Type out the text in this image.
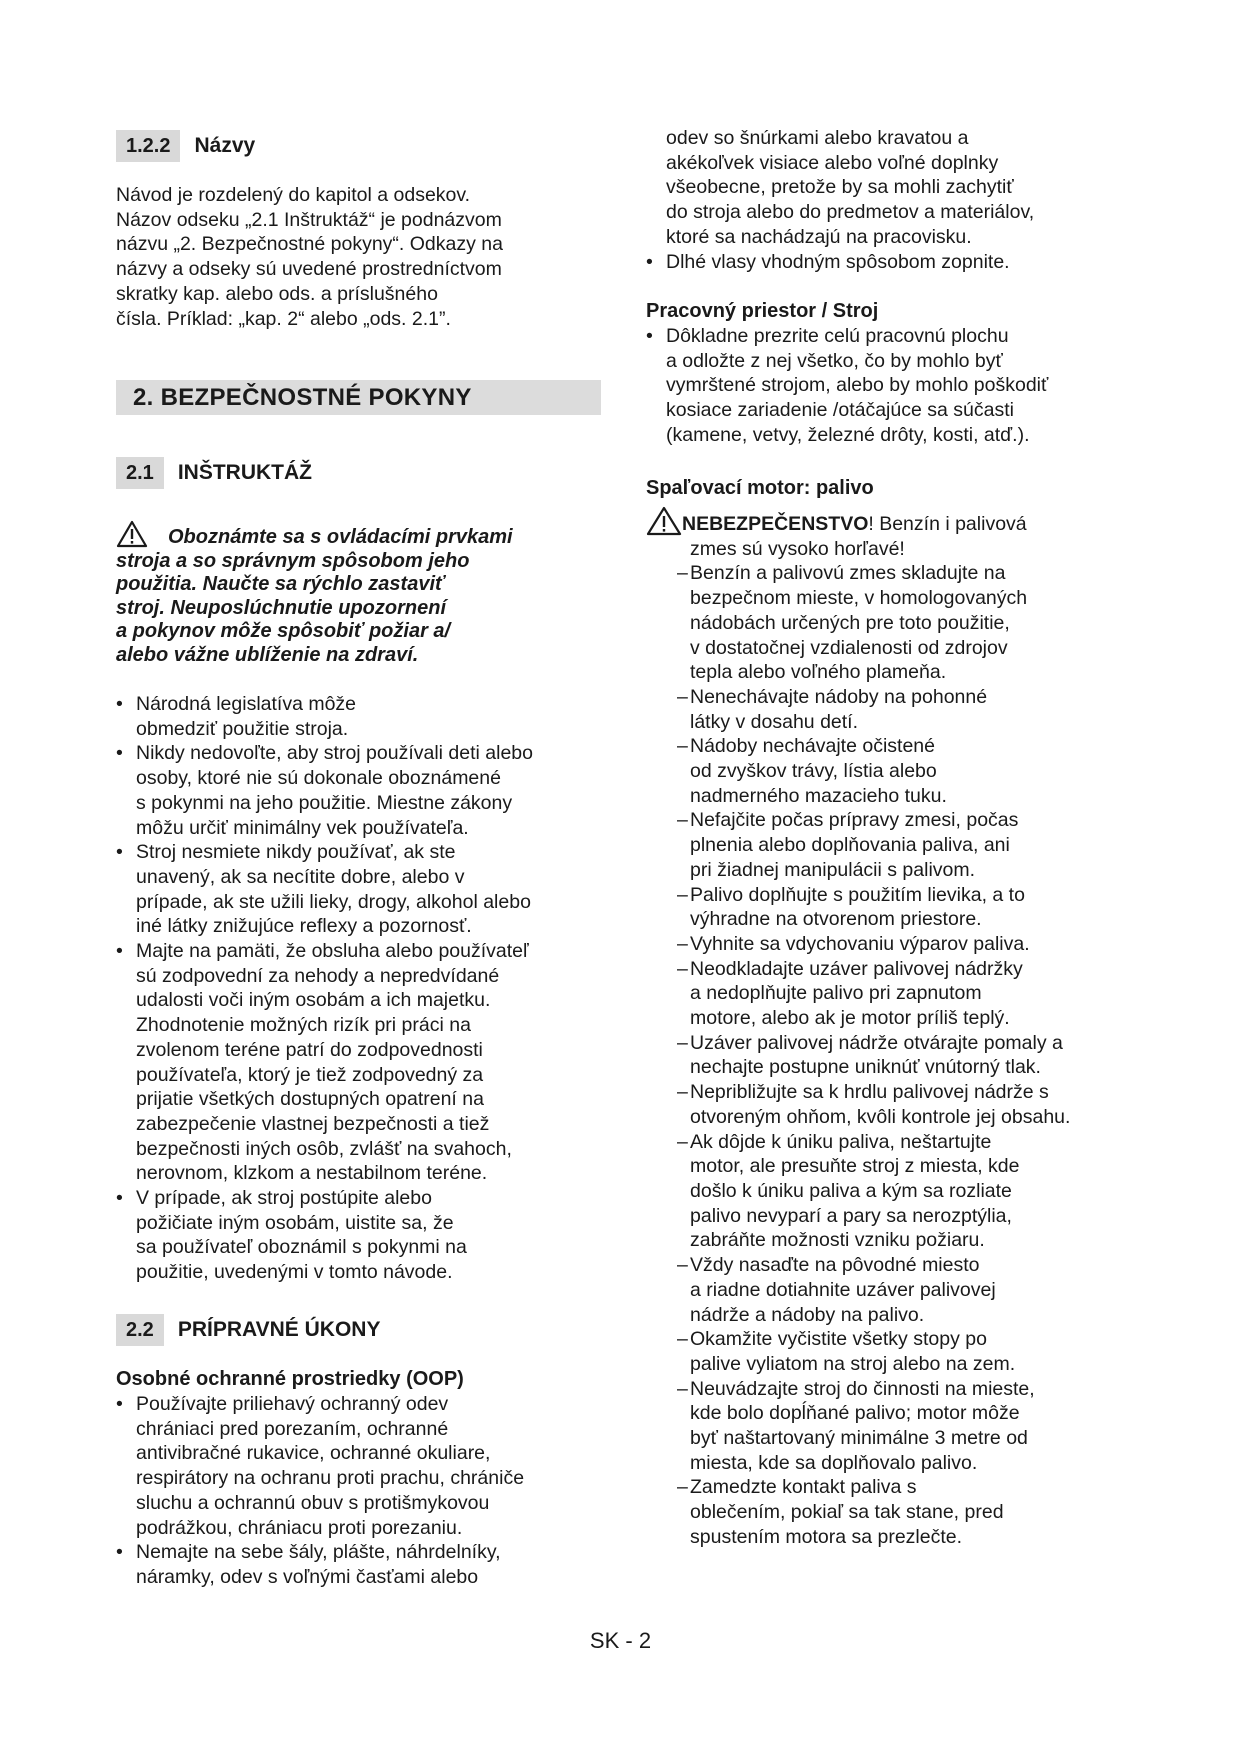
1.2.2	Názvy
Návod je rozdelený do kapitol a odsekov.
Názov odseku „2.1 Inštruktáž“ je podnázvom
názvu „2. Bezpečnostné pokyny“. Odkazy na
názvy a odseky sú uvedené prostredníctvom
skratky kap. alebo ods. a príslušného
čísla. Príklad: „kap. 2“ alebo „ods. 2.1”.
2. BEZPEČNOSTNÉ POKYNY
2.1	INŠTRUKTÁŽ
Oboznámte sa s ovládacími prvkami
stroja a so správnym spôsobom jeho
použitia. Naučte sa rýchlo zastaviť
stroj. Neuposlúchnutie upozornení
a pokynov môže spôsobiť požiar a/
alebo vážne ublíženie na zdraví.
• Národná legislatíva môže
obmedziť použitie stroja.
• Nikdy nedovoľte, aby stroj používali deti alebo
osoby, ktoré nie sú dokonale oboznámené
s pokynmi na jeho použitie. Miestne zákony
môžu určiť minimálny vek používateľa.
• Stroj nesmiete nikdy používať, ak ste
unavený, ak sa necítite dobre, alebo v
prípade, ak ste užili lieky, drogy, alkohol alebo
iné látky znižujúce reflexy a pozornosť.
• Majte na pamäti, že obsluha alebo používateľ
sú zodpovední za nehody a nepredvídané
udalosti voči iným osobám a ich majetku.
Zhodnotenie možných rizík pri práci na
zvolenom teréne patrí do zodpovednosti
používateľa, ktorý je tiež zodpovedný za
prijatie všetkých dostupných opatrení na
zabezpečenie vlastnej bezpečnosti a tiež
bezpečnosti iných osôb, zvlášť na svahoch,
nerovnom, klzkom a nestabilnom teréne.
• V prípade, ak stroj postúpite alebo
požičiate iným osobám, uistite sa, že
sa používateľ oboznámil s pokynmi na
použitie, uvedenými v tomto návode.
2.2	PRÍPRAVNÉ ÚKONY
Osobné ochranné prostriedky (OOP)
• Používajte priliehavý ochranný odev
chrániaci pred porezaním, ochranné
antivibračné rukavice, ochranné okuliare,
respirátory na ochranu proti prachu, chrániče
sluchu a ochrannú obuv s protišmykovou
podrážkou, chrániacu proti porezaniu.
• Nemajte na sebe šály, plášte, náhrdelníky,
náramky, odev s voľnými časťami alebo
odev so šnúrkami alebo kravatou a
akékoľvek visiace alebo voľné doplnky
všeobecne, pretože by sa mohli zachytiť
do stroja alebo do predmetov a materiálov,
ktoré sa nachádzajú na pracovisku.
• Dlhé vlasy vhodným spôsobom zopnite.
Pracovný priestor / Stroj
• Dôkladne prezrite celú pracovnú plochu
a odložte z nej všetko, čo by mohlo byť
vymrštené strojom, alebo by mohlo poškodiť
kosiace zariadenie /otáčajúce sa súčasti
(kamene, vetvy, železné drôty, kosti, atď.).
Spaľovací motor: palivo
NEBEZPEČENSTVO! Benzín i palivová
zmes sú vysoko horľavé!
– Benzín a palivovú zmes skladujte na
bezpečnom mieste, v homologovaných
nádobách určených pre toto použitie,
v dostatočnej vzdialenosti od zdrojov
tepla alebo voľného plameňa.
– Nenechávajte nádoby na pohonné
látky v dosahu detí.
– Nádoby nechávajte očistené
od zvyškov trávy, lístia alebo
nadmerného mazacieho tuku.
– Nefajčite počas prípravy zmesi, počas
plnenia alebo doplňovania paliva, ani
pri žiadnej manipulácii s palivom.
– Palivo doplňujte s použitím lievika, a to
výhradne na otvorenom priestore.
– Vyhnite sa vdychovaniu výparov paliva.
– Neodkladajte uzáver palivovej nádržky
a nedoplňujte palivo pri zapnutom
motore, alebo ak je motor príliš teplý.
– Uzáver palivovej nádrže otvárajte pomaly a
nechajte postupne uniknúť vnútorný tlak.
– Nepribližujte sa k hrdlu palivovej nádrže s
otvoreným ohňom, kvôli kontrole jej obsahu.
– Ak dôjde k úniku paliva, neštartujte
motor, ale presuňte stroj z miesta, kde
došlo k úniku paliva a kým sa rozliate
palivo nevyparí a pary sa nerozptýlia,
zabráňte možnosti vzniku požiaru.
– Vždy nasaďte na pôvodné miesto
a riadne dotiahnite uzáver palivovej
nádrže a nádoby na palivo.
– Okamžite vyčistite všetky stopy po
palive vyliatom na stroj alebo na zem.
– Neuvádzajte stroj do činnosti na mieste,
kde bolo dopĺňané palivo; motor môže
byť naštartovaný minimálne 3 metre od
miesta, kde sa doplňovalo palivo.
– Zamedzte kontakt paliva s
oblečením, pokiaľ sa tak stane, pred
spustením motora sa prezlečte.
SK - 2
